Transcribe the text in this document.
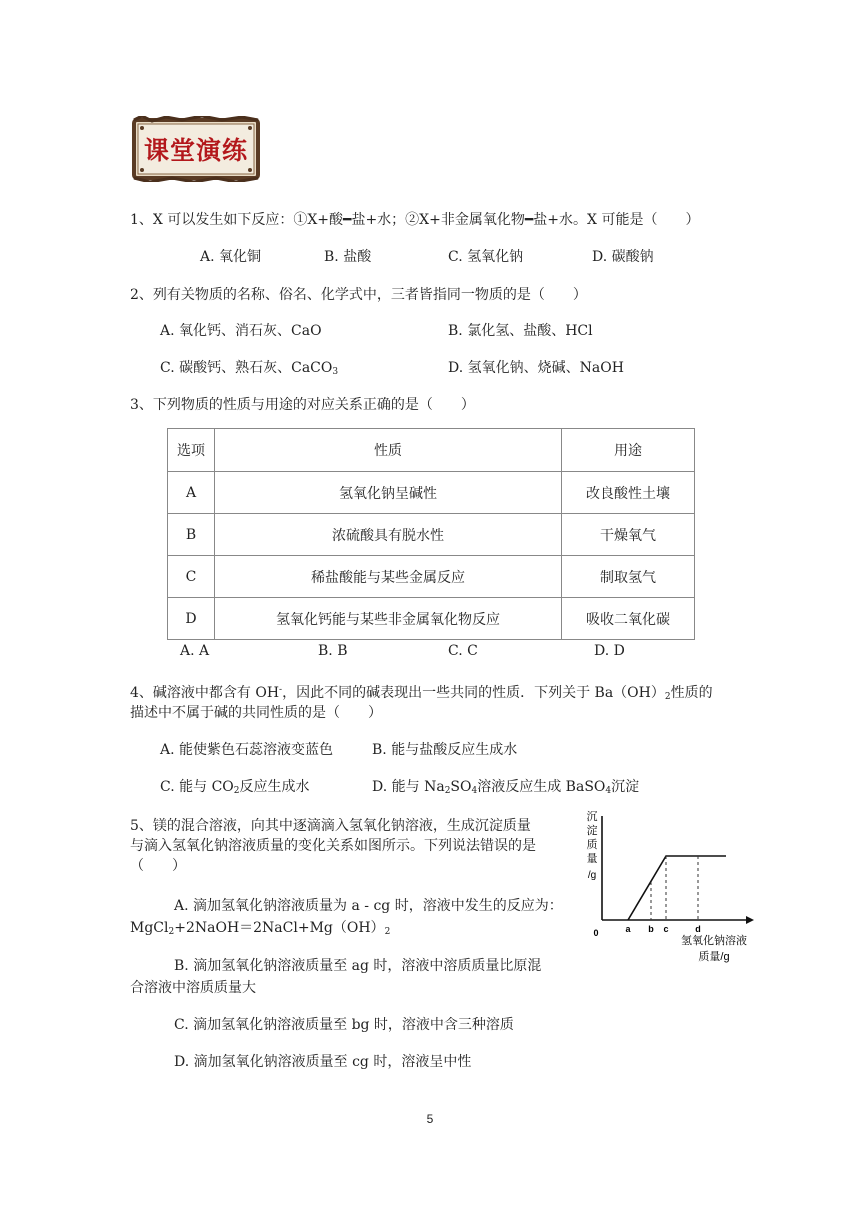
课堂演练
1、X 可以发生如下反应：①X+酸━盐+水；②X+非金属氧化物━盐+水。X 可能是（　　）
A. 氧化铜	B. 盐酸	C. 氢氧化钠	D. 碳酸钠
2、列有关物质的名称、俗名、化学式中，三者皆指同一物质的是（　　）
A. 氧化钙、消石灰、CaO	B. 氯化氢、盐酸、HCl
C. 碳酸钙、熟石灰、CaCO$_3$	D. 氢氧化钠、烧碱、NaOH
3、下列物质的性质与用途的对应关系正确的是（　　）
选项	性质	用途
A	氢氧化钠呈碱性	改良酸性土壤
B	浓硫酸具有脱水性	干燥氧气
C	稀盐酸能与某些金属反应	制取氢气
D	氢氧化钙能与某些非金属氧化物反应	吸收二氧化碳
A. A	B. B	C. C	D. D
4、碱溶液中都含有 OH-，因此不同的碱表现出一些共同的性质．下列关于 $Ba(OH)_2$性质的
描述中不属于碱的共同性质的是（　　）
A. 能使紫色石蕊溶液变蓝色	B. 能与盐酸反应生成水
C. 能与 $CO_2$反应生成水	D. 能与 $Na_2SO_4$溶液反应生成 BaSO$_4$沉淀
5、镁的混合溶液，向其中逐滴滴入氢氧化钠溶液，生成沉淀质量
与滴入氢氧化钠溶液质量的变化关系如图所示。下列说法错误的是
（　　）
A. 滴加氢氧化钠溶液质量为 a - cg 时，溶液中发生的反应为：
$MgCl_2+2NaOH=2NaCl+Mg(OH)_2$
B. 滴加氢氧化钠溶液质量至 ag 时，溶液中溶质质量比原混
合溶液中溶质质量大
C. 滴加氢氧化钠溶液质量至 bg 时，溶液中含三种溶质
D. 滴加氢氧化钠溶液质量至 cg 时，溶液呈中性
0	a b c	d
沉
淀
质
量
/g
氢氧化钠溶液
质量/g
5
